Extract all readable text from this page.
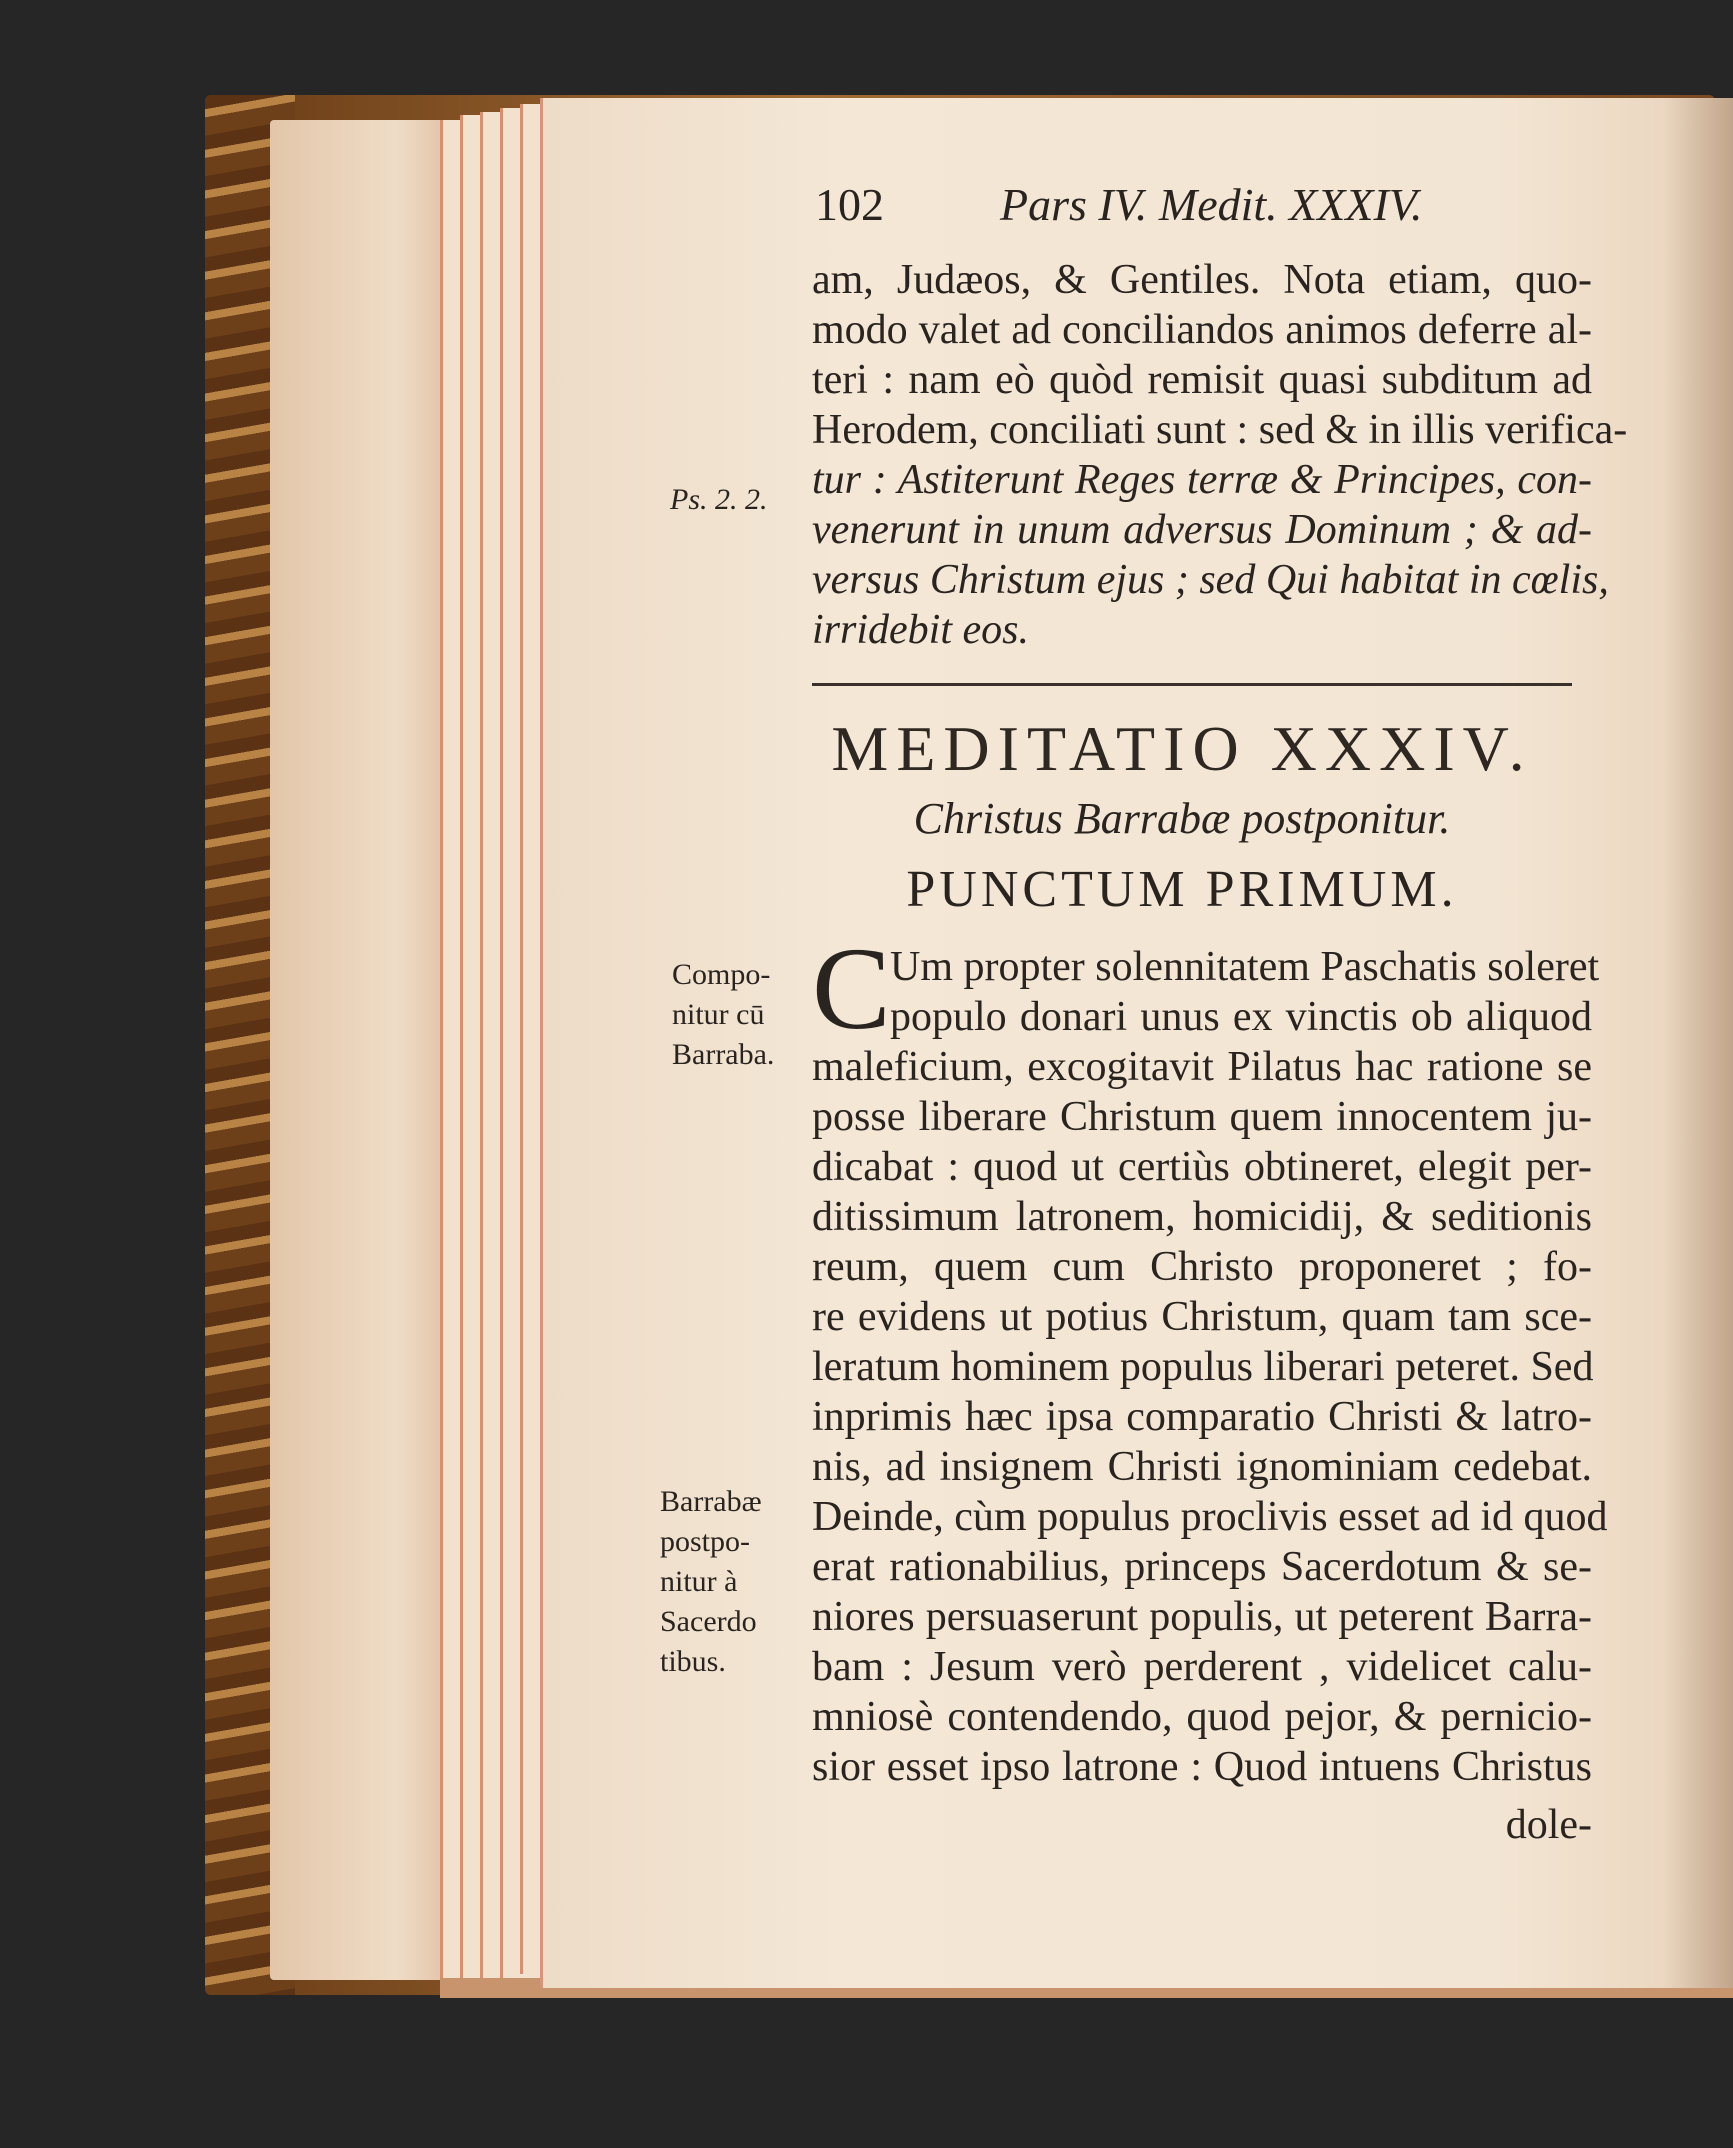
102	Pars IV. Medit. XXXIV.
am, Judæos, & Gentiles. Nota etiam, quo-
modo valet ad conciliandos animos deferre al-
teri : nam eò quòd remisit quasi subditum ad
Herodem, conciliati sunt : sed & in illis verifica-
tur : Astiterunt Reges terræ & Principes, con-
venerunt in unum adversus Dominum ; & ad-
versus Christum ejus ; sed Qui habitat in cœlis,
irridebit eos.
Ps. 2. 2.
MEDITATIO XXXIV.
Christus Barrabæ postponitur.
PUNCTUM PRIMUM.
C Um propter solennitatem Paschatis soleret
populo donari unus ex vinctis ob aliquod
maleficium, excogitavit Pilatus hac ratione se
posse liberare Christum quem innocentem ju-
dicabat : quod ut certiùs obtineret, elegit per-
ditissimum latronem, homicidij, & seditionis
reum, quem cum Christo proponeret ; fo-
re evidens ut potius Christum, quam tam sce-
leratum hominem populus liberari peteret. Sed
inprimis hæc ipsa comparatio Christi & latro-
nis, ad insignem Christi ignominiam cedebat.
Deinde, cùm populus proclivis esset ad id quod
erat rationabilius, princeps Sacerdotum & se-
niores persuaserunt populis, ut peterent Barra-
bam : Jesum verò perderent , videlicet calu-
mniosè contendendo, quod pejor, & pernicio-
sior esset ipso latrone : Quod intuens Christus
dole-
Compo-
nitur cū
Barraba.
Barrabæ
postpo-
nitur à
Sacerdo
tibus.
